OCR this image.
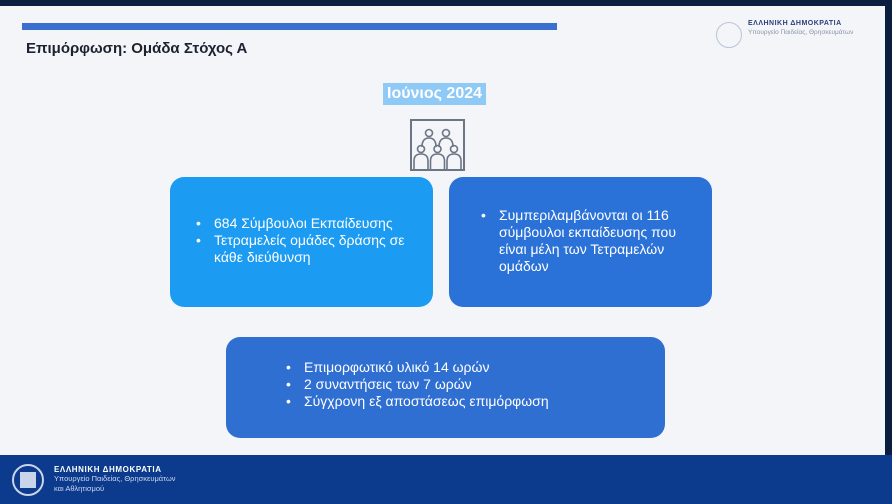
Επιμόρφωση: Ομάδα Στόχος Α
ΕΛΛΗΝΙΚΗ ΔΗΜΟΚΡΑΤΙΑ
Υπουργείο Παιδείας, Θρησκευμάτων
Ιούνιος 2024
• 684 Σύμβουλοι Εκπαίδευσης
• Τετραμελείς ομάδες δράσης σε κάθε διεύθυνση
• Συμπεριλαμβάνονται οι 116 σύμβουλοι εκπαίδευσης που είναι μέλη των Τετραμελών ομάδων
• Επιμορφωτικό υλικό 14 ωρών
• 2 συναντήσεις των 7 ωρών
• Σύγχρονη εξ αποστάσεως επιμόρφωση
ΕΛΛΗΝΙΚΗ ΔΗΜΟΚΡΑΤΙΑ
Υπουργείο Παιδείας, Θρησκευμάτων
και Αθλητισμού
